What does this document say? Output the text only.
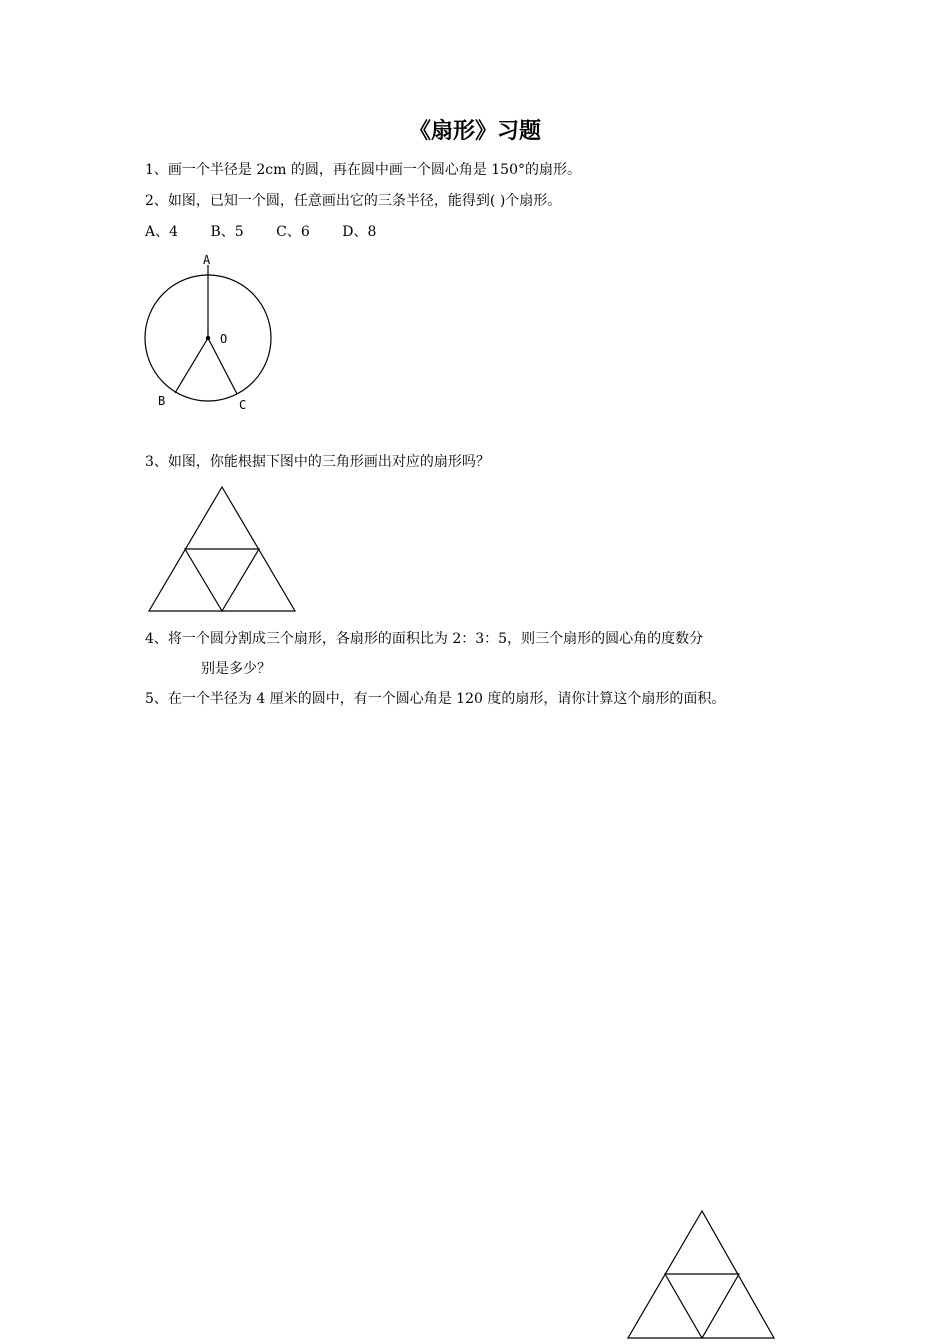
《扇形》习题
1、画一个半径是 2cm 的圆，再在圆中画一个圆心角是 150°的扇形。
2、如图，已知一个圆，任意画出它的三条半径，能得到( )个扇形。
A、4 B、5 C、6 D、8
A
O
B	C
3、如图，你能根据下图中的三角形画出对应的扇形吗？
4、将一个圆分割成三个扇形，各扇形的面积比为 2：3：5，则三个扇形的圆心角的度数分
别是多少？
5、在一个半径为 4 厘米的圆中，有一个圆心角是 120 度的扇形，请你计算这个扇形的面积。
